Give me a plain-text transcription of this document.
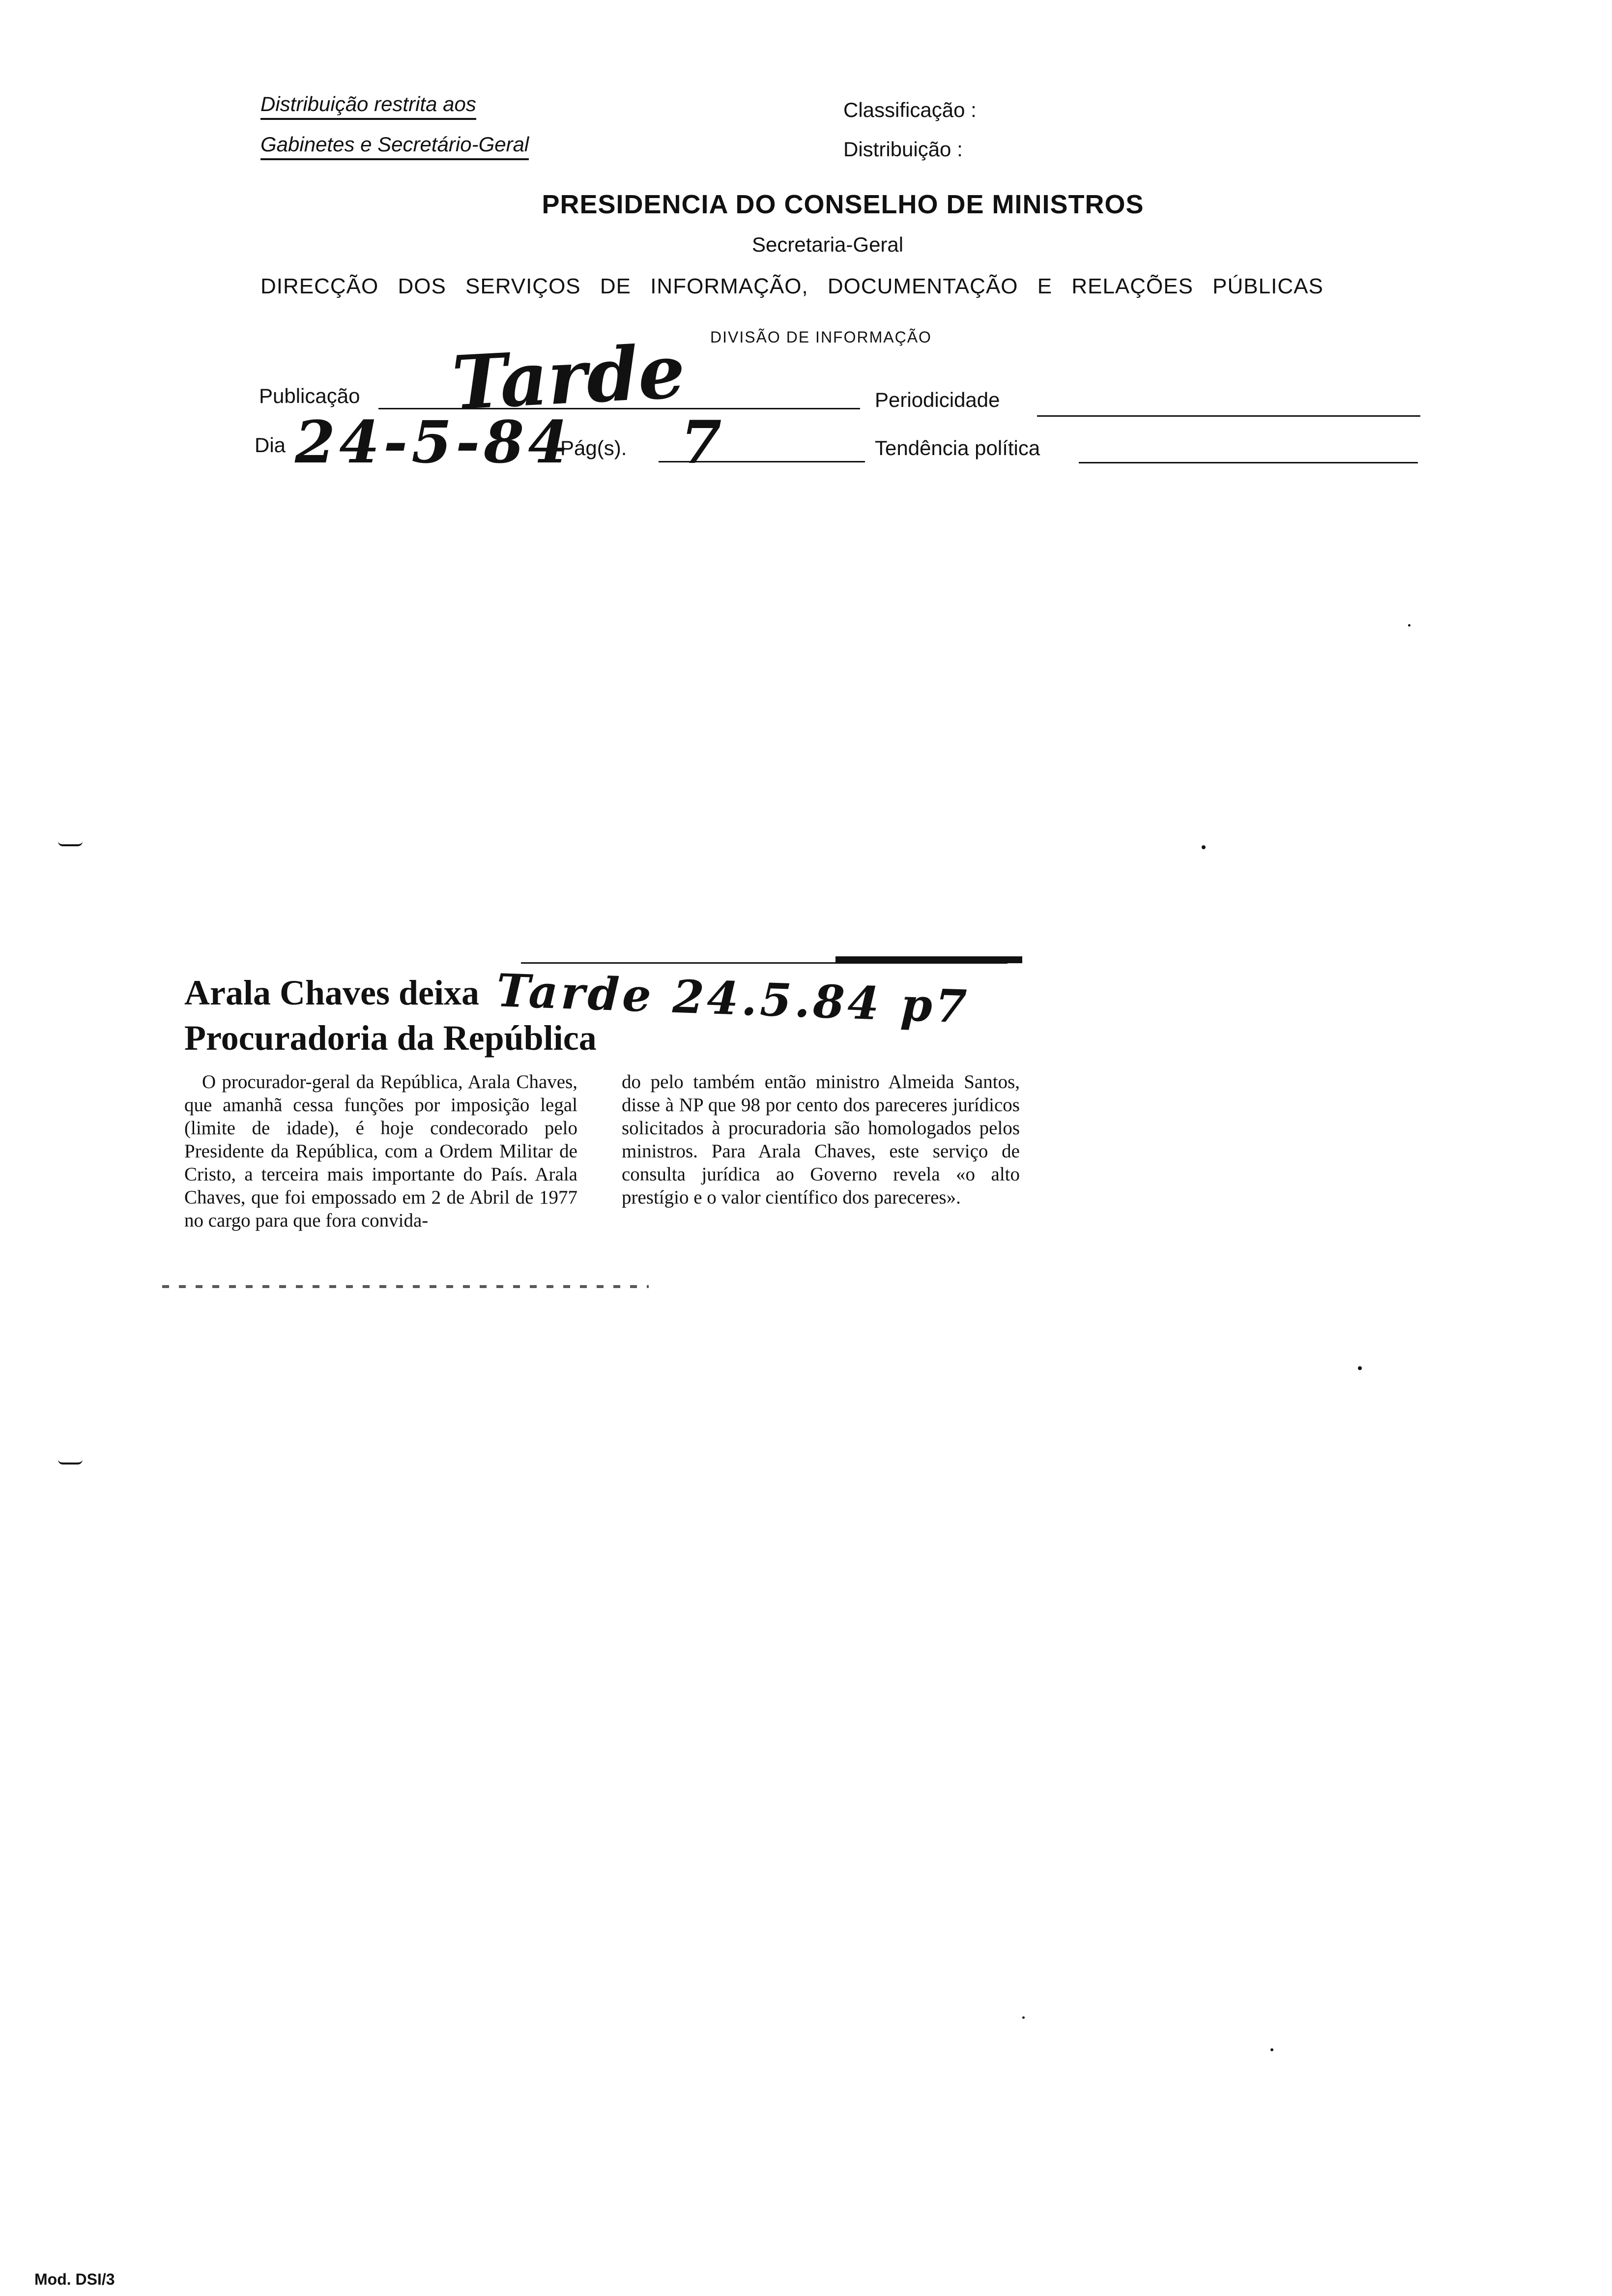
Distribuição restrita aos
Gabinetes e Secretário-Geral
Classificação :
Distribuição :
PRESIDENCIA DO CONSELHO DE MINISTROS
Secretaria-Geral
DIRECÇÃO DOS SERVIÇOS DE INFORMAÇÃO, DOCUMENTAÇÃO E RELAÇÕES PÚBLICAS
DIVISÃO DE INFORMAÇÃO
Publicação Tarde	Periodicidade
Dia 24-5-84
Pág(s). 7	Tendência política
Arala Chaves deixa
Procuradoria da República
Tarde 24.5.84 p7

O procurador-geral da República, Arala Chaves, que amanhã cessa funções por imposição legal (limite de idade), é hoje condecorado pelo Presidente da República, com a Ordem Militar de Cristo, a terceira mais importante do País. Arala Chaves, que foi empossado em 2 de Abril de 1977 no cargo para que fora convida-

do pelo também então ministro Almeida Santos, disse à NP que 98 por cento dos pareceres jurídicos solicitados à procuradoria são homologados pelos ministros. Para Arala Chaves, este serviço de consulta jurídica ao Governo revela «o alto prestígio e o valor científico dos pareceres».

Mod. DSI/3
